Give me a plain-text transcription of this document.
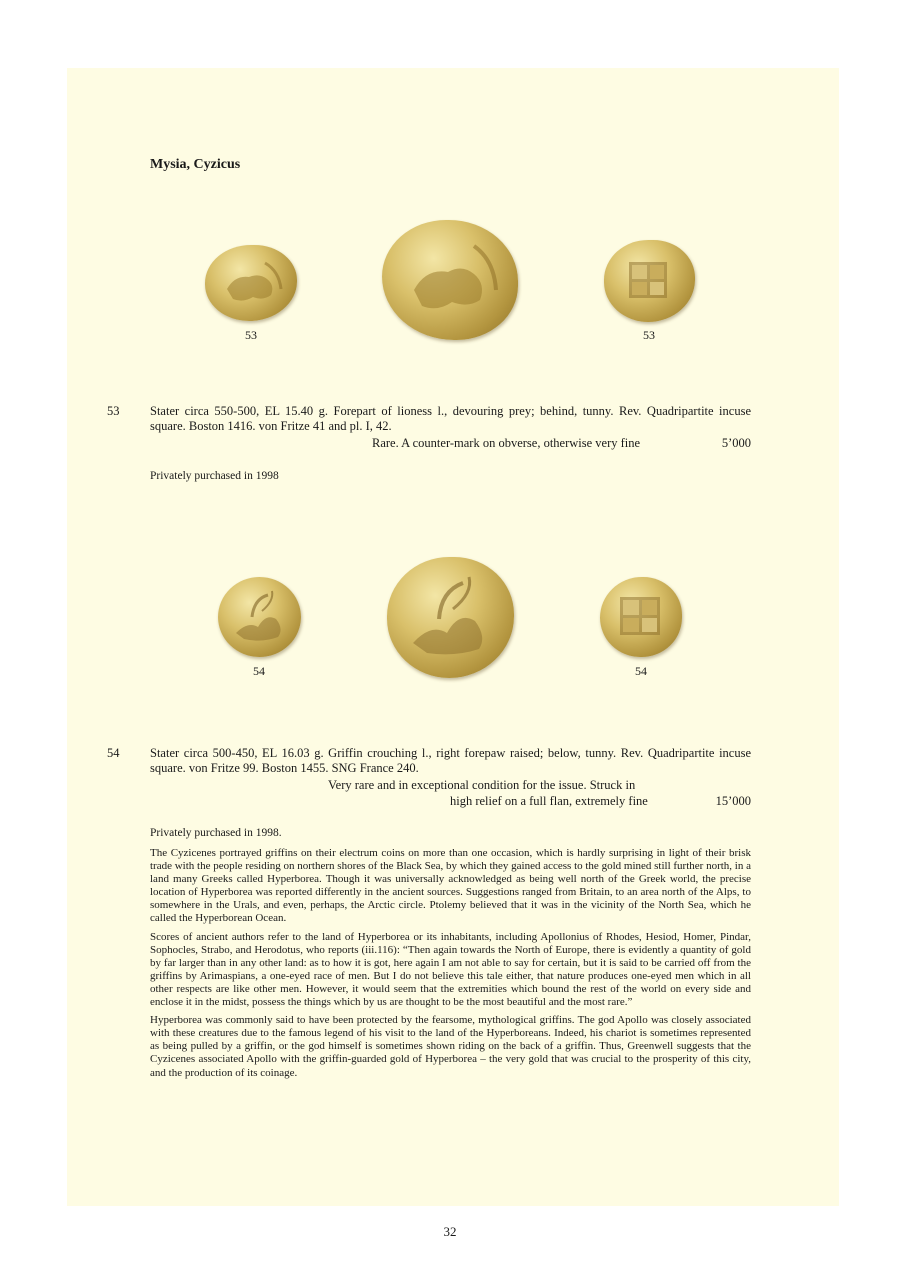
Mysia, Cyzicus
53	53
53 Stater circa 550-500, EL 15.40 g. Forepart of lioness l., devouring prey; behind, tunny. Rev. Quadripartite incuse square. Boston 1416. von Fritze 41 and pl. I, 42.

Rare. A counter-mark on obverse, otherwise very fine	5’000

Privately purchased in 1998

54	54
54 Stater circa 500-450, EL 16.03 g. Griffin crouching l., right forepaw raised; below, tunny. Rev. Quadripartite incuse square. von Fritze 99. Boston 1455. SNG France 240.

Very rare and in exceptional condition for the issue. Struck in
high relief on a full flan, extremely fine	15’000

Privately purchased in 1998.

The Cyzicenes portrayed griffins on their electrum coins on more than one occasion, which is hardly surprising in light of their brisk trade with the people residing on northern shores of the Black Sea, by which they gained access to the gold mined still further north, in a land many Greeks called Hyperborea. Though it was universally acknowledged as being well north of the Greek world, the precise location of Hyperborea was reported differently in the ancient sources. Suggestions ranged from Britain, to an area north of the Alps, to somewhere in the Urals, and even, perhaps, the Arctic circle. Ptolemy believed that it was in the vicinity of the North Sea, which he called the Hyperborean Ocean.

Scores of ancient authors refer to the land of Hyperborea or its inhabitants, including Apollonius of Rhodes, Hesiod, Homer, Pindar, Sophocles, Strabo, and Herodotus, who reports (iii.116): “Then again towards the North of Europe, there is evidently a quantity of gold by far larger than in any other land: as to how it is got, here again I am not able to say for certain, but it is said to be carried off from the griffins by Arimaspians, a one-eyed race of men. But I do not believe this tale either, that nature produces one-eyed men which in all other respects are like other men. However, it would seem that the extremities which bound the rest of the world on every side and enclose it in the midst, possess the things which by us are thought to be the most beautiful and the most rare.”

Hyperborea was commonly said to have been protected by the fearsome, mythological griffins. The god Apollo was closely associated with these creatures due to the famous legend of his visit to the land of the Hyperboreans. Indeed, his chariot is sometimes represented as being pulled by a griffin, or the god himself is sometimes shown riding on the back of a griffin. Thus, Greenwell suggests that the Cyzicenes associated Apollo with the griffin-guarded gold of Hyperborea – the very gold that was crucial to the prosperity of this city, and the production of its coinage.

32
